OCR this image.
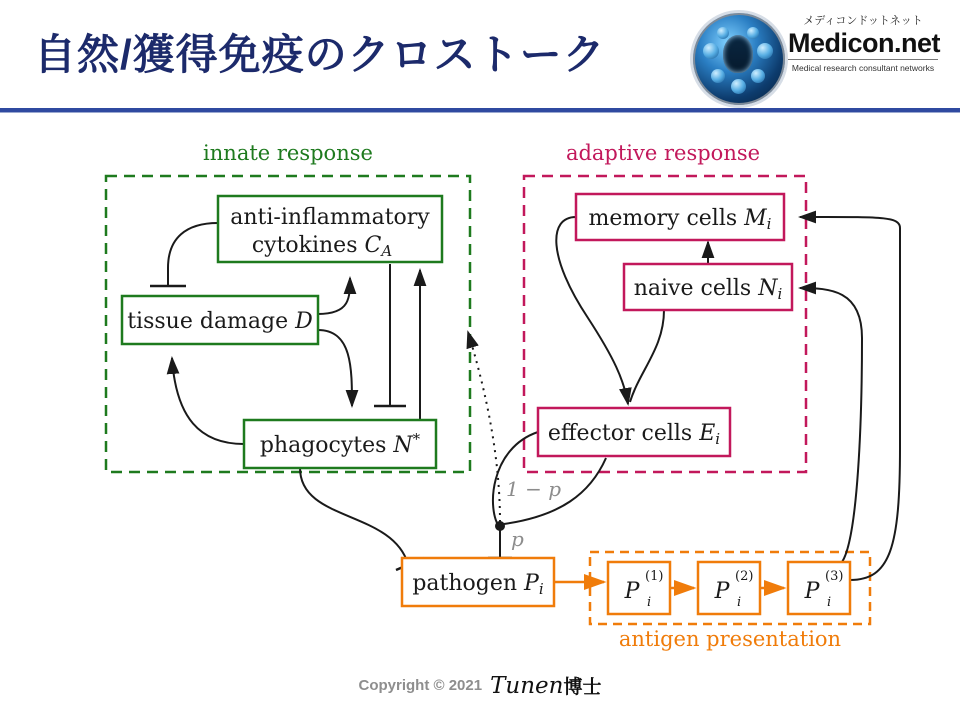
自然/獲得免疫のクロストーク
メディコンドットネット
Medicon.net
Medical research consultant networks
innate response	adaptive response
antigen presentation
1 − p
p
anti-inflammatory
cytokines CA
tissue damage D
phagocytes N*
memory cells Mi
naive cells Ni
effector cells Ei
pathogen Pi	P i
(1)
P i
(2)
P i
(3)
Copyright © 2021 Tunen博士
